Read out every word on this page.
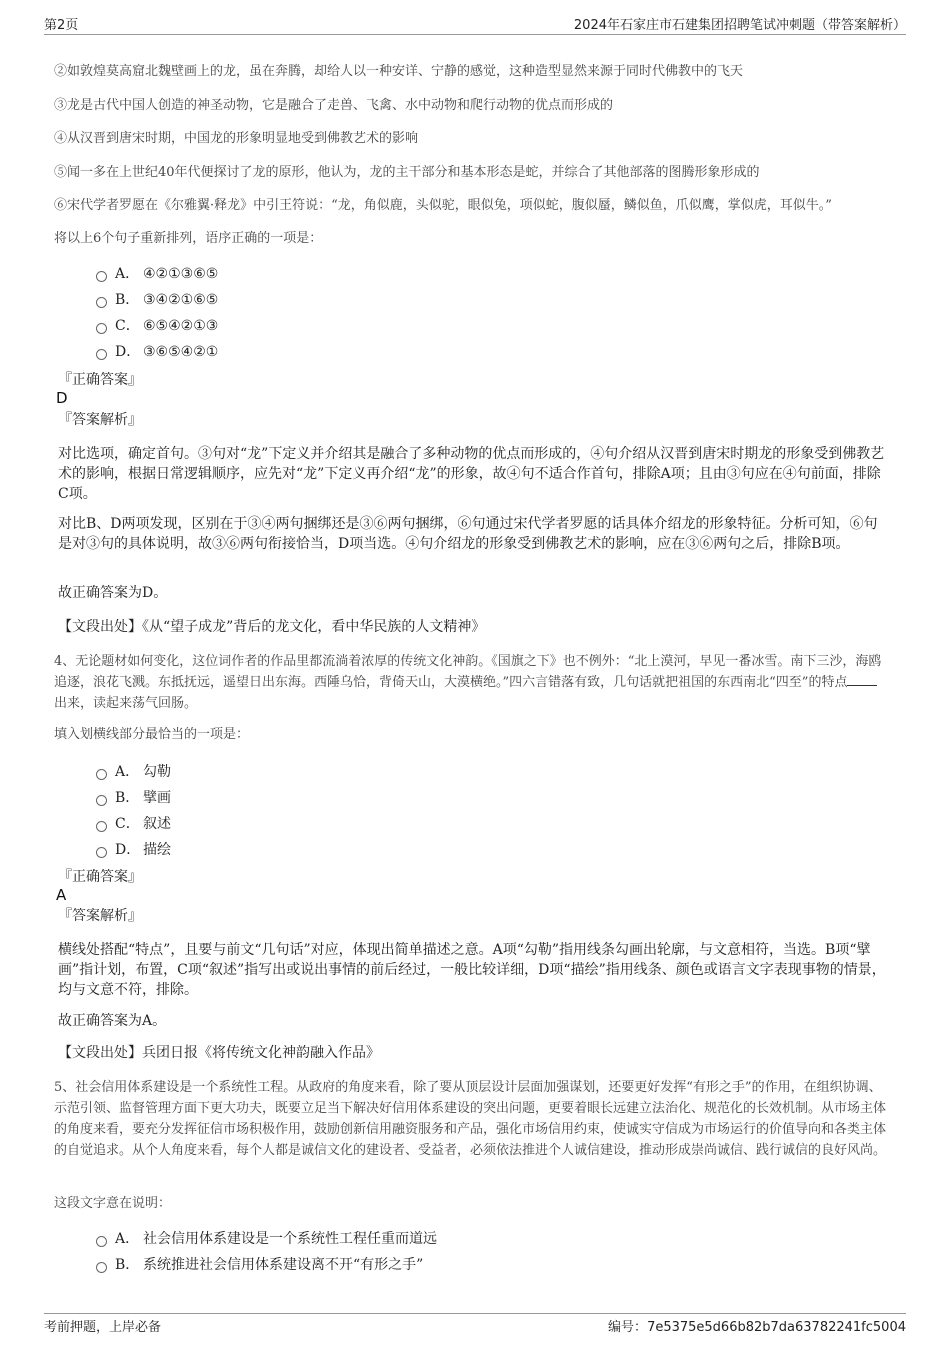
第2页	2024年石家庄市石建集团招聘笔试冲刺题（带答案解析）
②如敦煌莫高窟北魏壁画上的龙，虽在奔腾，却给人以一种安详、宁静的感觉，这种造型显然来源于同时代佛教中的飞天
③龙是古代中国人创造的神圣动物，它是融合了走兽、飞禽、水中动物和爬行动物的优点而形成的
④从汉晋到唐宋时期，中国龙的形象明显地受到佛教艺术的影响
⑤闻一多在上世纪40年代便探讨了龙的原形，他认为，龙的主干部分和基本形态是蛇，并综合了其他部落的图腾形象形成的
⑥宋代学者罗愿在《尔雅翼·释龙》中引王符说：“龙，角似鹿，头似驼，眼似兔，项似蛇，腹似蜃，鳞似鱼，爪似鹰，掌似虎，耳似牛。”
将以上6个句子重新排列，语序正确的一项是：
A． ④②①③⑥⑤
B． ③④②①⑥⑤
C． ⑥⑤④②①③
D． ③⑥⑤④②①
『正确答案』
D
『答案解析』
对比选项，确定首句。③句对“龙”下定义并介绍其是融合了多种动物的优点而形成的，④句介绍从汉晋到唐宋时期龙的形象受到佛教艺术的影响，根据日常逻辑顺序，应先对“龙”下定义再介绍“龙”的形象，故④句不适合作首句，排除A项；且由③句应在④句前面，排除C项。
对比B、D两项发现，区别在于③④两句捆绑还是③⑥两句捆绑，⑥句通过宋代学者罗愿的话具体介绍龙的形象特征。分析可知，⑥句是对③句的具体说明，故③⑥两句衔接恰当，D项当选。④句介绍龙的形象受到佛教艺术的影响，应在③⑥两句之后，排除B项。
故正确答案为D。
【文段出处】《从“望子成龙”背后的龙文化，看中华民族的人文精神》
4、无论题材如何变化，这位词作者的作品里都流淌着浓厚的传统文化神韵。《国旗之下》也不例外：“北上漠河，早见一番冰雪。南下三沙，海鸥追逐，浪花飞溅。东抵抚远，遥望日出东海。西陲乌恰，背倚天山，大漠横绝。”四六言错落有致，几句话就把祖国的东西南北“四至”的特点出来，读起来荡气回肠。
填入划横线部分最恰当的一项是：
A． 勾勒
B． 擘画
C． 叙述
D． 描绘
『正确答案』
A
『答案解析』
横线处搭配“特点”，且要与前文“几句话”对应，体现出简单描述之意。A项“勾勒”指用线条勾画出轮廓，与文意相符，当选。B项“擘画”指计划，布置，C项“叙述”指写出或说出事情的前后经过，一般比较详细，D项“描绘”指用线条、颜色或语言文字表现事物的情景，均与文意不符，排除。
故正确答案为A。
【文段出处】兵团日报《将传统文化神韵融入作品》
5、社会信用体系建设是一个系统性工程。从政府的角度来看，除了要从顶层设计层面加强谋划，还要更好发挥“有形之手”的作用，在组织协调、示范引领、监督管理方面下更大功夫，既要立足当下解决好信用体系建设的突出问题，更要着眼长远建立法治化、规范化的长效机制。从市场主体的角度来看，要充分发挥征信市场积极作用，鼓励创新信用融资服务和产品，强化市场信用约束，使诚实守信成为市场运行的价值导向和各类主体的自觉追求。从个人角度来看，每个人都是诚信文化的建设者、受益者，必须依法推进个人诚信建设，推动形成崇尚诚信、践行诚信的良好风尚。
这段文字意在说明：
A． 社会信用体系建设是一个系统性工程任重而道远
B． 系统推进社会信用体系建设离不开“有形之手”
考前押题，上岸必备	编号：7e5375e5d66b82b7da63782241fc5004
